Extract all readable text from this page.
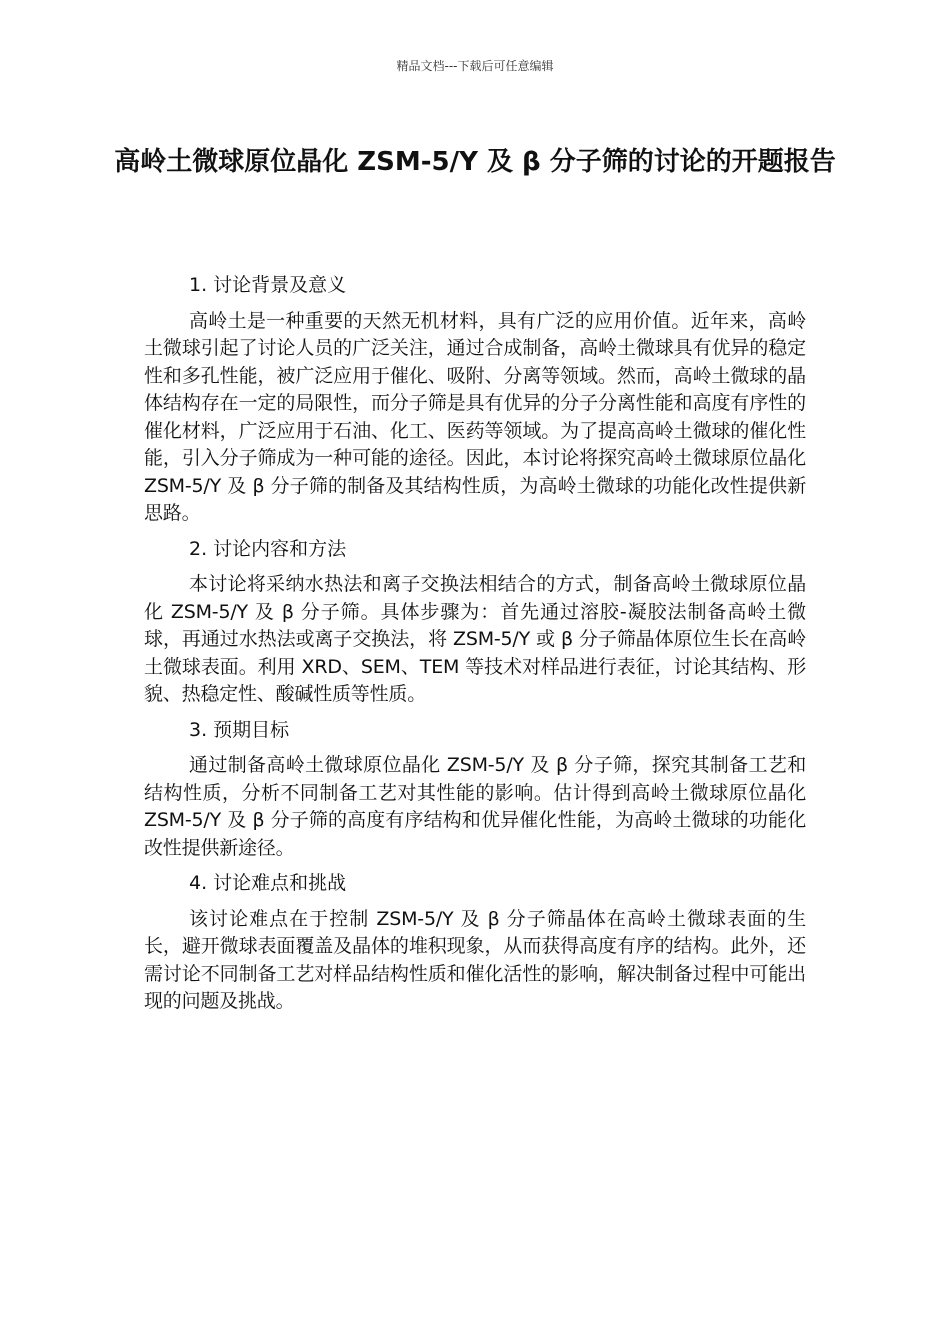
精品文档---下载后可任意编辑
高岭土微球原位晶化 ZSM-5/Y 及 β 分子筛的讨论的开题报告

1. 讨论背景及意义

高岭土是一种重要的天然无机材料，具有广泛的应用价值。近年来，高岭土微球引起了讨论人员的广泛关注，通过合成制备，高岭土微球具有优异的稳定性和多孔性能，被广泛应用于催化、吸附、分离等领域。然而，高岭土微球的晶体结构存在一定的局限性，而分子筛是具有优异的分子分离性能和高度有序性的催化材料，广泛应用于石油、化工、医药等领域。为了提高高岭土微球的催化性能，引入分子筛成为一种可能的途径。因此，本讨论将探究高岭土微球原位晶化 ZSM-5/Y 及 β 分子筛的制备及其结构性质，为高岭土微球的功能化改性提供新思路。

2. 讨论内容和方法

本讨论将采纳水热法和离子交换法相结合的方式，制备高岭土微球原位晶化 ZSM-5/Y 及 β 分子筛。具体步骤为：首先通过溶胶-凝胶法制备高岭土微球，再通过水热法或离子交换法，将 ZSM-5/Y 或 β 分子筛晶体原位生长在高岭土微球表面。利用 XRD、SEM、TEM 等技术对样品进行表征，讨论其结构、形貌、热稳定性、酸碱性质等性质。

3. 预期目标

通过制备高岭土微球原位晶化 ZSM-5/Y 及 β 分子筛，探究其制备工艺和结构性质，分析不同制备工艺对其性能的影响。估计得到高岭土微球原位晶化 ZSM-5/Y 及 β 分子筛的高度有序结构和优异催化性能，为高岭土微球的功能化改性提供新途径。

4. 讨论难点和挑战

该讨论难点在于控制 ZSM-5/Y 及 β 分子筛晶体在高岭土微球表面的生长，避开微球表面覆盖及晶体的堆积现象，从而获得高度有序的结构。此外，还需讨论不同制备工艺对样品结构性质和催化活性的影响，解决制备过程中可能出现的问题及挑战。
